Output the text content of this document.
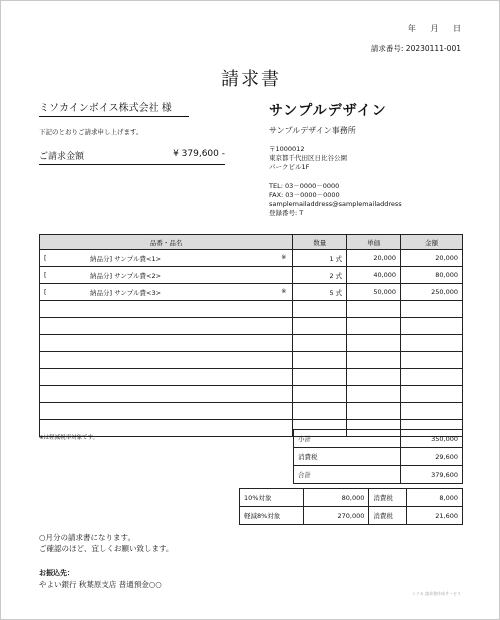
年 月 日
請求番号: 20230111-001
請求書
ミソカインボイス株式会社 様
下記のとおりご請求申し上げます。
ご請求金額	¥ 379,600 -
サンプルデザイン
サンプルデザイン事務所
〒1000012
東京都千代田区日比谷公園
パークビル1F
TEL: 03－0000－0000
FAX: 03－0000－0000
samplemailaddress@samplemailaddress
登録番号: T
品番・品名	数量	単価	金額

[ 納品分] サンプル費<1> ※	1 式	20,000	20,000

[ 納品分] サンプル費<2>	2 式	40,000	80,000

[ 納品分] サンプル費<3> ※	5 式	50,000	250,000

※は軽減税率対象です。	小計	350,000
消費税	29,600
合計	379,600
10%対象	80,000	消費税	8,000
軽減8%対象	270,000	消費税	21,600
○月分の請求書になります。
ご確認のほど、宜しくお願い致します。
お振込先：
やよい銀行 秋葉原支店 普通預金○○
ミソカ 請求書作成サービス
